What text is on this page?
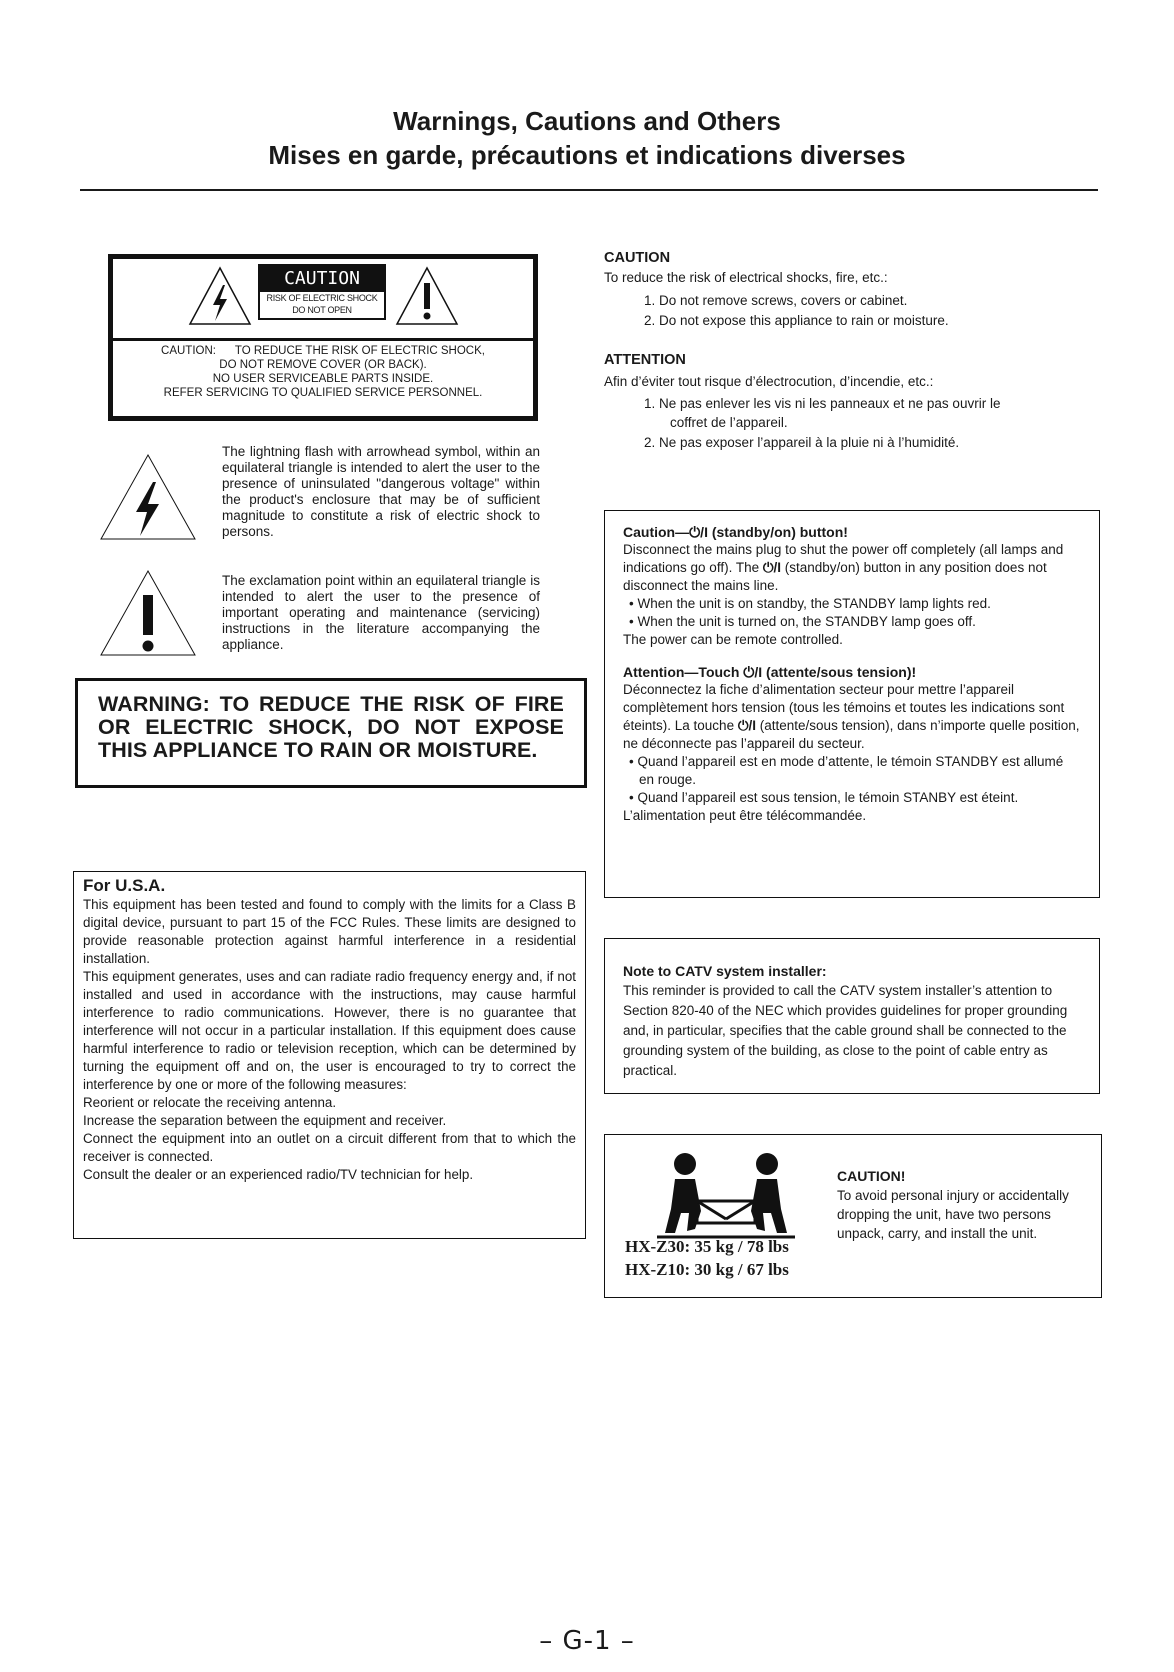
Warnings, Cautions and Others
Mises en garde, précautions et indications diverses
CAUTION
RISK OF ELECTRIC SHOCK
DO NOT OPEN
CAUTION:      TO REDUCE THE RISK OF ELECTRIC SHOCK,
DO NOT REMOVE COVER (OR BACK).
NO USER SERVICEABLE PARTS INSIDE.
REFER SERVICING TO QUALIFIED SERVICE PERSONNEL.
The lightning flash with arrowhead symbol, within an equilateral triangle is intended to alert the user to the presence of uninsulated "dangerous voltage" within the product's enclosure that may be of sufficient magnitude to constitute a risk of electric shock to persons.
The exclamation point within an equilateral triangle is intended to alert the user to the presence of important operating and maintenance (servicing) instructions in the literature accompanying the appliance.
WARNING: TO REDUCE THE RISK OF FIRE OR ELECTRIC SHOCK, DO NOT EXPOSE THIS APPLIANCE TO RAIN OR MOISTURE.
For U.S.A.

This equipment has been tested and found to comply with the limits for a Class B digital device, pursuant to part 15 of the FCC Rules. These limits are designed to provide reasonable protection against harmful interference in a residential installation.

This equipment generates, uses and can radiate radio frequency energy and, if not installed and used in accordance with the instructions, may cause harmful interference to radio communications. However, there is no guarantee that interference will not occur in a particular installation. If this equipment does cause harmful interference to radio or television reception, which can be determined by turning the equipment off and on, the user is encouraged to try to correct the interference by one or more of the following measures:

Reorient or relocate the receiving antenna.

Increase the separation between the equipment and receiver.

Connect the equipment into an outlet on a circuit different from that to which the receiver is connected.

Consult the dealer or an experienced radio/TV technician for help.

CAUTION
To reduce the risk of electrical shocks, fire, etc.:
1. Do not remove screws, covers or cabinet.
2. Do not expose this appliance to rain or moisture.
ATTENTION
Afin d’éviter tout risque d’électrocution, d’incendie, etc.:
1. Ne pas enlever les vis ni les panneaux et ne pas ouvrir le
coffret de l’appareil.
2. Ne pas exposer l’appareil à la pluie ni à l’humidité.
Caution—⏻/I (standby/on) button!
Disconnect the mains plug to shut the power off completely (all lamps and indications go off). The ⏻/I (standby/on) button in any position does not disconnect the mains line.
• When the unit is on standby, the STANDBY lamp lights red.
• When the unit is turned on, the STANDBY lamp goes off.
The power can be remote controlled.
Attention—Touch ⏻/I (attente/sous tension)!
Déconnectez la fiche d’alimentation secteur pour mettre l’appareil complètement hors tension (tous les témoins et toutes les indications sont éteints). La touche ⏻/I (attente/sous tension), dans n’importe quelle position, ne déconnecte pas l’appareil du secteur.
• Quand l’appareil est en mode d’attente, le témoin STANDBY est allumé en rouge.
• Quand l’appareil est sous tension, le témoin STANBY est éteint.
L’alimentation peut être télécommandée.
Note to CATV system installer:
This reminder is provided to call the CATV system installer’s attention to Section 820-40 of the NEC which provides guidelines for proper grounding and, in particular, specifies that the cable ground shall be connected to the grounding system of the building, as close to the point of cable entry as practical.
HX-Z30: 35 kg / 78 lbs
HX-Z10: 30 kg / 67 lbs
CAUTION!
To avoid personal injury or accidentally dropping the unit, have two persons unpack, carry, and install the unit.
– G-1 –
